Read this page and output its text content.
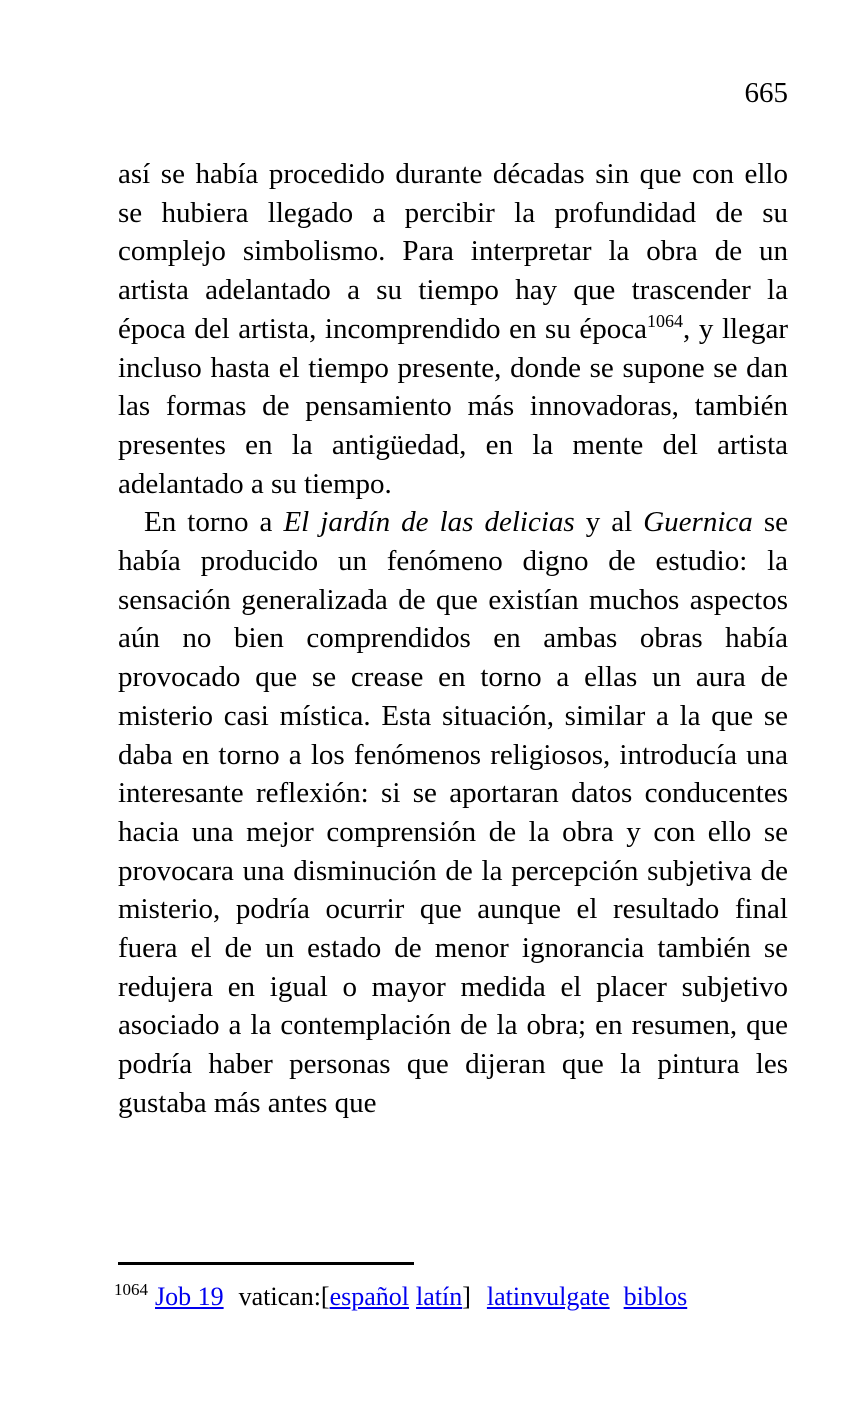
665

así se había procedido durante décadas sin que con ello se hubiera llegado a percibir la profundidad de su complejo simbolismo. Para interpretar la obra de un artista adelantado a su tiempo hay que trascender la época del artista, incomprendido en su época$^{1064}$, y llegar incluso hasta el tiempo presente, donde se supone se dan las formas de pensamiento más innovadoras, también presentes en la antigüedad, en la mente del artista adelantado a su tiempo.

En torno a El jardín de las delicias y al Guernica se había producido un fenómeno digno de estudio: la sensación generalizada de que existían muchos aspectos aún no bien comprendidos en ambas obras había provocado que se crease en torno a ellas un aura de misterio casi mística. Esta situación, similar a la que se daba en torno a los fenómenos religiosos, introducía una interesante reflexión: si se aportaran datos conducentes hacia una mejor comprensión de la obra y con ello se provocara una disminución de la percepción subjetiva de misterio, podría ocurrir que aunque el resultado final fuera el de un estado de menor ignorancia también se redujera en igual o mayor medida el placer subjetivo asociado a la contemplación de la obra; en resumen, que podría haber personas que dijeran que la pintura les gustaba más antes que

$^{1064}$ Job 19 vatican:[español latín] latinvulgate biblos
